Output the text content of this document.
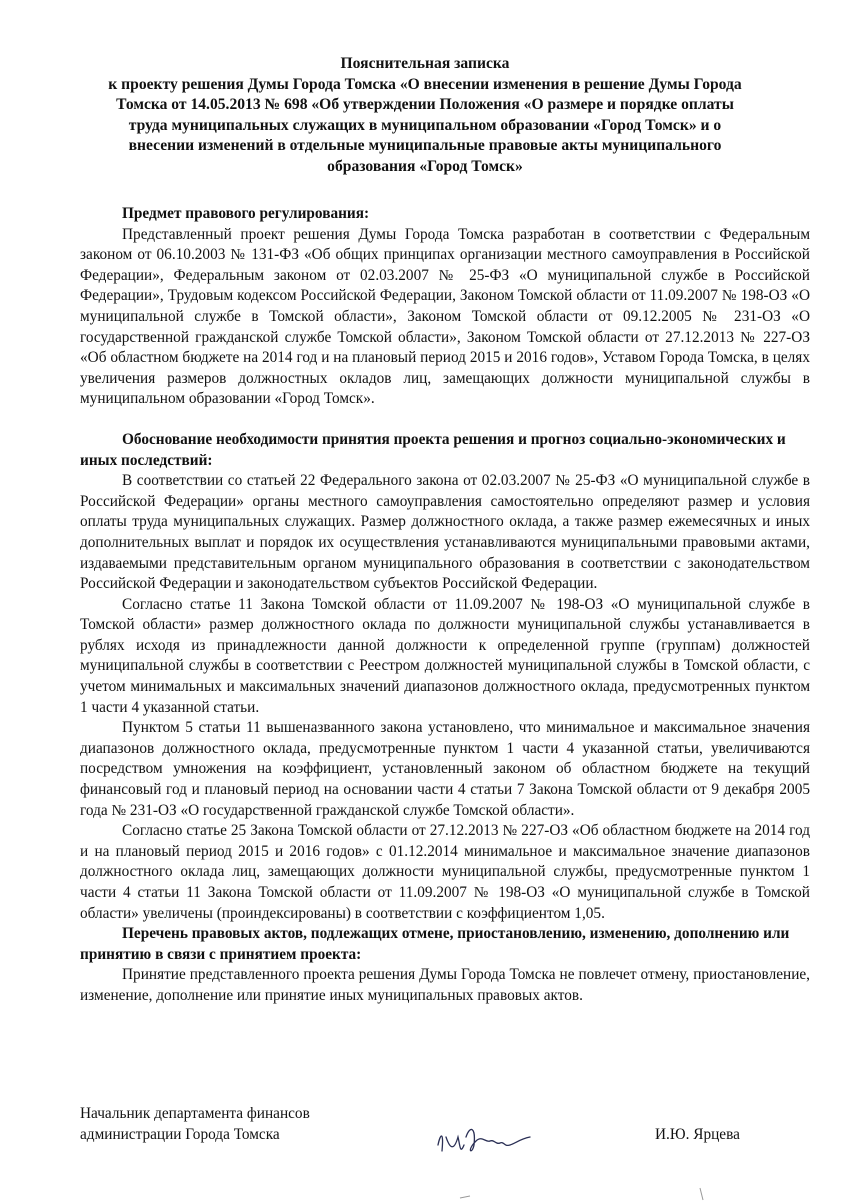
Пояснительная записка
к проекту решения Думы Города Томска «О внесении изменения в решение Думы Города
Томска от 14.05.2013 № 698 «Об утверждении Положения «О размере и порядке оплаты
труда муниципальных служащих в муниципальном образовании «Город Томск» и о
внесении изменений в отдельные муниципальные правовые акты муниципального
образования «Город Томск»

Предмет правового регулирования:

Представленный проект решения Думы Города Томска разработан в соответствии с Федеральным законом от 06.10.2003 № 131-ФЗ «Об общих принципах организации местного самоуправления в Российской Федерации», Федеральным законом от 02.03.2007 № 25-ФЗ «О муниципальной службе в Российской Федерации», Трудовым кодексом Российской Федерации, Законом Томской области от 11.09.2007 № 198-ОЗ «О муниципальной службе в Томской области», Законом Томской области от 09.12.2005 № 231-ОЗ «О государственной гражданской службе Томской области», Законом Томской области от 27.12.2013 № 227-ОЗ «Об областном бюджете на 2014 год и на плановый период 2015 и 2016 годов», Уставом Города Томска, в целях увеличения размеров должностных окладов лиц, замещающих должности муниципальной службы в муниципальном образовании «Город Томск».

Обоснование необходимости принятия проекта решения и прогноз социально-экономических и иных последствий:

В соответствии со статьей 22 Федерального закона от 02.03.2007 № 25-ФЗ «О муниципальной службе в Российской Федерации» органы местного самоуправления самостоятельно определяют размер и условия оплаты труда муниципальных служащих. Размер должностного оклада, а также размер ежемесячных и иных дополнительных выплат и порядок их осуществления устанавливаются муниципальными правовыми актами, издаваемыми представительным органом муниципального образования в соответствии с законодательством Российской Федерации и законодательством субъектов Российской Федерации.

Согласно статье 11 Закона Томской области от 11.09.2007 № 198-ОЗ «О муниципальной службе в Томской области» размер должностного оклада по должности муниципальной службы устанавливается в рублях исходя из принадлежности данной должности к определенной группе (группам) должностей муниципальной службы в соответствии с Реестром должностей муниципальной службы в Томской области, с учетом минимальных и максимальных значений диапазонов должностного оклада, предусмотренных пунктом 1 части 4 указанной статьи.

Пунктом 5 статьи 11 вышеназванного закона установлено, что минимальное и максимальное значения диапазонов должностного оклада, предусмотренные пунктом 1 части 4 указанной статьи, увеличиваются посредством умножения на коэффициент, установленный законом об областном бюджете на текущий финансовый год и плановый период на основании части 4 статьи 7 Закона Томской области от 9 декабря 2005 года № 231-ОЗ «О государственной гражданской службе Томской области».

Согласно статье 25 Закона Томской области от 27.12.2013 № 227-ОЗ «Об областном бюджете на 2014 год и на плановый период 2015 и 2016 годов» с 01.12.2014 минимальное и максимальное значение диапазонов должностного оклада лиц, замещающих должности муниципальной службы, предусмотренные пунктом 1 части 4 статьи 11 Закона Томской области от 11.09.2007 № 198-ОЗ «О муниципальной службе в Томской области» увеличены (проиндексированы) в соответствии с коэффициентом 1,05.

Перечень правовых актов, подлежащих отмене, приостановлению, изменению, дополнению или принятию в связи с принятием проекта:

Принятие представленного проекта решения Думы Города Томска не повлечет отмену, приостановление, изменение, дополнение или принятие иных муниципальных правовых актов.

Начальник департамента финансов
администрации Города Томска	И.Ю. Ярцева
